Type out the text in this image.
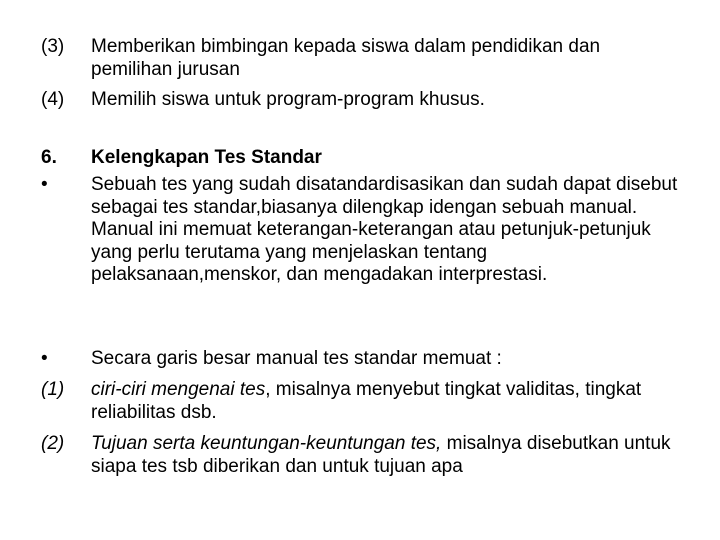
(3)	Memberikan bimbingan kepada siswa dalam pendidikan dan pemilihan jurusan
(4)	Memilih siswa untuk program-program khusus.
6.	Kelengkapan Tes Standar
•	Sebuah tes yang sudah disatandardisasikan dan sudah dapat disebut sebagai tes standar,biasanya dilengkap idengan sebuah manual. Manual ini memuat keterangan-keterangan atau petunjuk-petunjuk yang perlu terutama yang menjelaskan tentang pelaksanaan,menskor, dan mengadakan interprestasi.
•	Secara garis besar manual tes standar memuat :
(1)	ciri-ciri mengenai tes, misalnya menyebut tingkat validitas, tingkat reliabilitas dsb.
(2)	Tujuan serta keuntungan-keuntungan tes, misalnya disebutkan untuk siapa tes tsb diberikan dan untuk tujuan apa
